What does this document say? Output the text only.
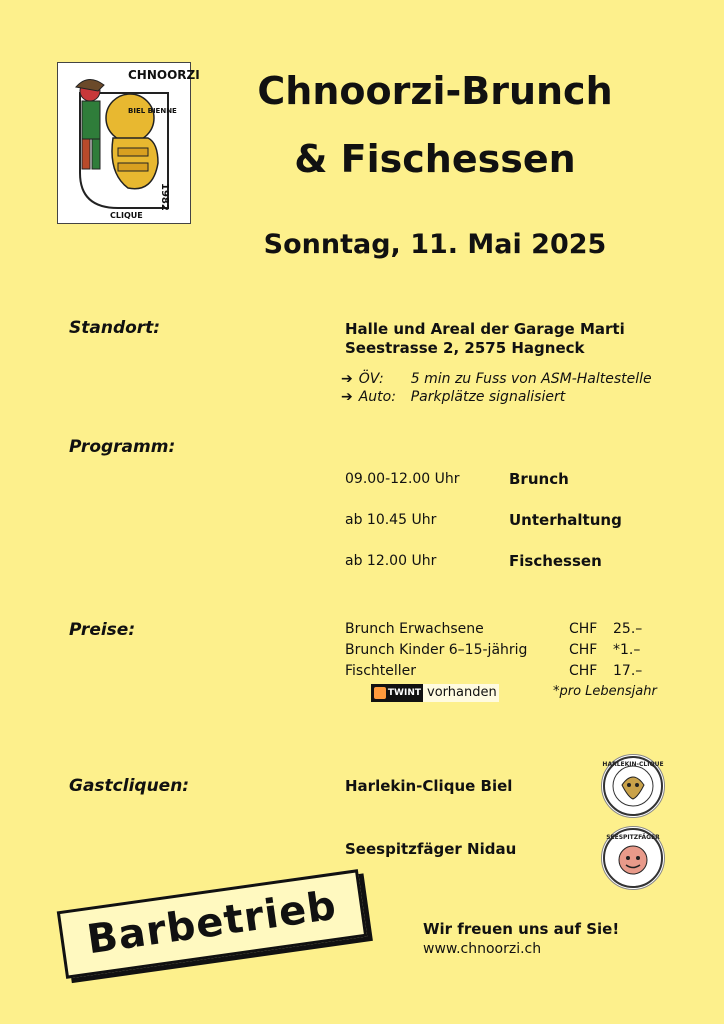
CHNOORZI
BIEL BIENNE
1982
CLIQUE
Chnoorzi-Brunch
& Fischessen
Sonntag, 11. Mai 2025
Standort:	Halle und Areal der Garage Marti
Seestrasse 2, 2575 Hagneck
➔ ÖV: 5 min zu Fuss von ASM-Haltestelle
➔ Auto: Parkplätze signalisiert
Programm:
09.00-12.00 Uhr	Brunch
ab 10.45 Uhr	Unterhaltung
ab 12.00 Uhr	Fischessen
Preise:	Brunch Erwachsene	CHF 25.–
Brunch Kinder 6–15-jährig	CHF *1.–
Fischteller	CHF 17.–
TWINT vorhanden	*pro Lebensjahr
Gastcliquen:	Harlekin-Clique Biel
HARLEKIN-CLIQUE
Seespitzfäger Nidau
SEESPITZFÄGER
Barbetrieb	Wir freuen uns auf Sie!
www.chnoorzi.ch
